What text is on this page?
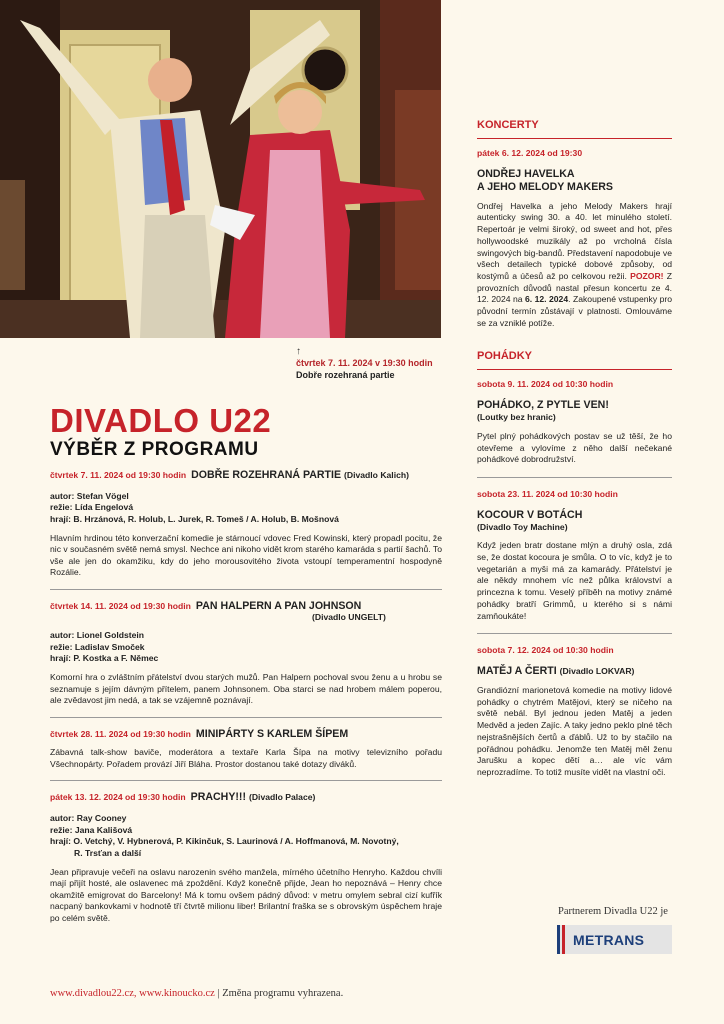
↑
čtvrtek 7. 11. 2024 v 19:30 hodin
Dobře rozehraná partie
DIVADLO U22
VÝBĚR Z PROGRAMU
čtvrtek 7. 11. 2024 od 19:30 hodin DOBŘE ROZEHRANÁ PARTIE (Divadlo Kalich)
autor: Stefan Vögel
režie: Lída Engelová
hrají: B. Hrzánová, R. Holub, L. Jurek, R. Tomeš / A. Holub, B. Mošnová

Hlavním hrdinou této konverzační komedie je stárnoucí vdovec Fred Kowinski, který propadl pocitu, že nic v současném světě nemá smysl. Nechce ani nikoho vidět krom starého kamaráda s partií šachů. To vše ale jen do okamžiku, kdy do jeho morousovitého života vstoupí temperamentní hospodyně Rozálie.

čtvrtek 14. 11. 2024 od 19:30 hodin PAN HALPERN A PAN JOHNSON
(Divadlo UNGELT)
autor: Lionel Goldstein
režie: Ladislav Smoček
hrají: P. Kostka a F. Němec

Komorní hra o zvláštním přátelství dvou starých mužů. Pan Halpern pochoval svou ženu a u hrobu se seznamuje s jejím dávným přítelem, panem Johnsonem. Oba starci se nad hrobem málem poperou, ale zvědavost jim nedá, a tak se vzájemně poznávají.

čtvrtek 28. 11. 2024 od 19:30 hodin MINIPÁRTY S KARLEM ŠÍPEM

Zábavná talk-show baviče, moderátora a textaře Karla Šípa na motivy televizního pořadu Všechnopárty. Pořadem provází Jiří Bláha. Prostor dostanou také dotazy diváků.

pátek 13. 12. 2024 od 19:30 hodin PRACHY!!! (Divadlo Palace)
autor: Ray Cooney
režie: Jana Kališová
hrají: O. Vetchý, V. Hybnerová, P. Kikinčuk, S. Laurinová / A. Hoffmanová, M. Novotný,
R. Trsťan a další

Jean připravuje večeři na oslavu narozenin svého manžela, mírného účetního Henryho. Každou chvíli mají přijít hosté, ale oslavenec má zpoždění. Když konečně přijde, Jean ho nepoznává – Henry chce okamžitě emigrovat do Barcelony! Má k tomu ovšem pádný důvod: v metru omylem sebral cizí kufřík nacpaný bankovkami v hodnotě tří čtvrtě milionu liber! Brilantní fraška se s obrovským úspěchem hraje po celém světě.

KONCERTY
pátek 6. 12. 2024 od 19:30
ONDŘEJ HAVELKA
A JEHO MELODY MAKERS

Ondřej Havelka a jeho Melody Makers hrají autenticky swing 30. a 40. let minulého století. Repertoár je velmi široký, od sweet and hot, přes hollywoodské muzikály až po vrcholná čísla swingových big-bandů. Představení napodobuje ve všech detailech typické dobové způsoby, od kostýmů a účesů až po celkovou režii. POZOR! Z provozních důvodů nastal přesun koncertu ze 4. 12. 2024 na 6. 12. 2024. Zakoupené vstupenky pro původní termín zůstávají v platnosti. Omlouváme se za vzniklé potíže.

POHÁDKY
sobota 9. 11. 2024 od 10:30 hodin
POHÁDKO, Z PYTLE VEN!
(Loutky bez hranic)

Pytel plný pohádkových postav se už těší, že ho otevřeme a vylovíme z něho další nečekané pohádkové dobrodružství.

sobota 23. 11. 2024 od 10:30 hodin
KOCOUR V BOTÁCH
(Divadlo Toy Machine)

Když jeden bratr dostane mlýn a druhý osla, zdá se, že dostat kocoura je smůla. O to víc, když je to vegetarián a myši má za kamarády. Přátelství je ale někdy mnohem víc než půlka království a princezna k tomu. Veselý příběh na motivy známé pohádky bratří Grimmů, u kterého si s námi zamňoukáte!

sobota 7. 12. 2024 od 10:30 hodin
MATĚJ A ČERTI (Divadlo LOKVAR)

Grandiózní marionetová komedie na motivy lidové pohádky o chytrém Matějovi, který se ničeho na světě nebál. Byl jednou jeden Matěj a jeden Medvěd a jeden Zajíc. A taky jedno peklo plné těch nejstrašnějších čertů a ďáblů. Už to by stačilo na pořádnou pohádku. Jenomže ten Matěj měl ženu Jarušku a kopec dětí a… ale víc vám neprozradíme. To totiž musíte vidět na vlastní oči.

Partnerem Divadla U22 je
METRANS
www.divadlou22.cz, www.kinoucko.cz | Změna programu vyhrazena.
